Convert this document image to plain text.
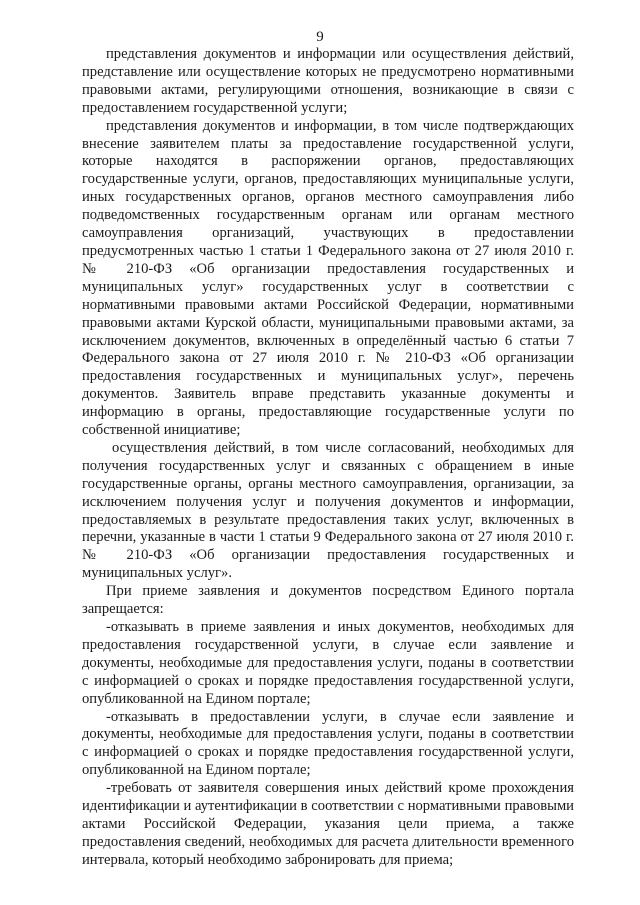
9

представления документов и информации или осуществления действий, представление или осуществление которых не предусмотрено нормативными правовыми актами, регулирующими отношения, возникающие в связи с предоставлением государственной услуги;

представления документов и информации, в том числе подтверждающих внесение заявителем платы за предоставление государственной услуги, которые находятся в распоряжении органов, предоставляющих государственные услуги, органов, предоставляющих муниципальные услуги, иных государственных органов, органов местного самоуправления либо подведомственных государственным органам или органам местного самоуправления организаций, участвующих в предоставлении предусмотренных частью 1 статьи 1 Федерального закона от 27 июля 2010 г. № 210-ФЗ «Об организации предоставления государственных и муниципальных услуг» государственных услуг в соответствии с нормативными правовыми актами Российской Федерации, нормативными правовыми актами Курской области, муниципальными правовыми актами, за исключением документов, включенных в определённый частью 6 статьи 7 Федерального закона от 27 июля 2010 г. № 210-ФЗ «Об организации предоставления государственных и муниципальных услуг», перечень документов. Заявитель вправе представить указанные документы и информацию в органы, предоставляющие государственные услуги по собственной инициативе;

осуществления действий, в том числе согласований, необходимых для получения государственных услуг и связанных с обращением в иные государственные органы, органы местного самоуправления, организации, за исключением получения услуг и получения документов и информации, предоставляемых в результате предоставления таких услуг, включенных в перечни, указанные в части 1 статьи 9 Федерального закона от 27 июля 2010 г. № 210-ФЗ «Об организации предоставления государственных и муниципальных услуг».

При приеме заявления и документов посредством Единого портала запрещается:

-отказывать в приеме заявления и иных документов, необходимых для предоставления государственной услуги, в случае если заявление и документы, необходимые для предоставления услуги, поданы в соответствии с информацией о сроках и порядке предоставления государственной услуги, опубликованной на Едином портале;

-отказывать в предоставлении услуги, в случае если заявление и документы, необходимые для предоставления услуги, поданы в соответствии с информацией о сроках и порядке предоставления государственной услуги, опубликованной на Едином портале;

-требовать от заявителя совершения иных действий кроме прохождения идентификации и аутентификации в соответствии с нормативными правовыми актами Российской Федерации, указания цели приема, а также предоставления сведений, необходимых для расчета длительности временного интервала, который необходимо забронировать для приема;
